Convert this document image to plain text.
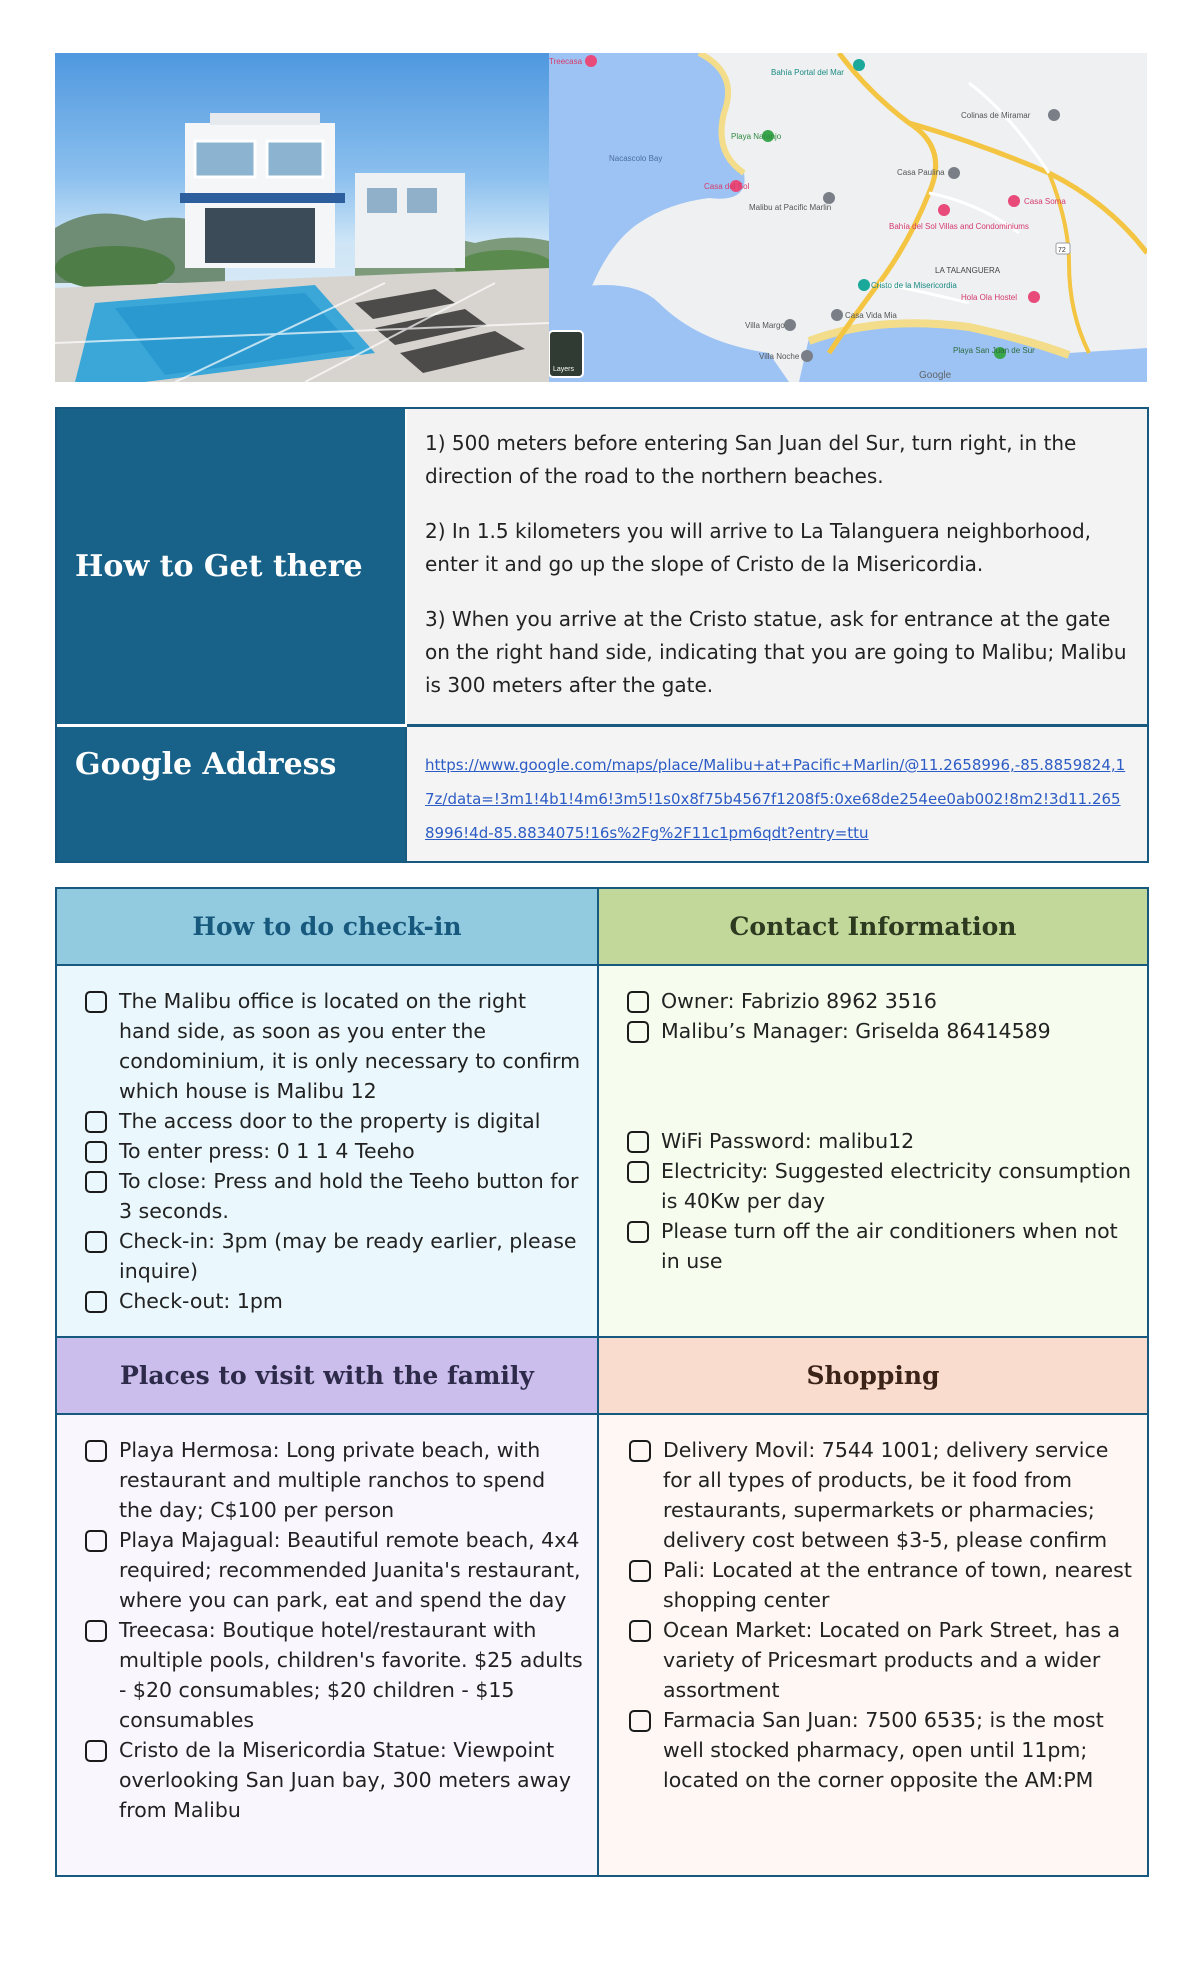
Treecasa
Bahía Portal del Mar
Colinas de Miramar
Playa Naranjo
Nacascolo Bay
Casa del Sol
Casa Paulina
Malibu at Pacific Marlin
Casa Soma
Bahía del Sol Villas and Condominiums
LA TALANGUERA
Cristo de la Misericordia
Hola Ola Hostel
Casa Vida Mia
Villa Margo
Villa Noche
Playa San Juan de Sur
Google
72
Layers
How to Get there

1) 500 meters before entering San Juan del Sur, turn right, in the direction of the road to the northern beaches.

2) In 1.5 kilometers you will arrive to La Talanguera neighborhood, enter it and go up the slope of Cristo de la Misericordia.

3) When you arrive at the Cristo statue, ask for entrance at the gate on the right hand side, indicating that you are going to Malibu; Malibu is 300 meters after the gate.

Google Address	https://www.google.com/maps/place/Malibu+at+Pacific+Marlin/@11.2658996,-85.8859824,17z/data=!3m1!4b1!4m6!3m5!1s0x8f75b4567f1208f5:0xe68de254ee0ab002!8m2!3d11.2658996!4d-85.8834075!16s%2Fg%2F11c1pm6qdt?entry=ttu
How to do check-in	Contact Information
The Malibu office is located on the right hand side, as soon as you enter the condominium, it is only necessary to confirm which house is Malibu 12
The access door to the property is digital
To enter press: 0 1 1 4 Teeho
To close: Press and hold the Teeho button for 3 seconds.
Check-in: 3pm (may be ready earlier, please inquire)
Check-out: 1pm
Owner: Fabrizio 8962 3516
Malibu’s Manager: Griselda 86414589
WiFi Password: malibu12
Electricity: Suggested electricity consumption is 40Kw per day
Please turn off the air conditioners when not in use
Places to visit with the family	Shopping
Playa Hermosa: Long private beach, with restaurant and multiple ranchos to spend the day; C$100 per person
Playa Majagual: Beautiful remote beach, 4x4 required; recommended Juanita's restaurant, where you can park, eat and spend the day
Treecasa: Boutique hotel/restaurant with multiple pools, children's favorite. $25 adults - $20 consumables; $20 children - $15 consumables
Cristo de la Misericordia Statue: Viewpoint overlooking San Juan bay, 300 meters away from Malibu
Delivery Movil: 7544 1001; delivery service for all types of products, be it food from restaurants, supermarkets or pharmacies; delivery cost between $3-5, please confirm
Pali: Located at the entrance of town, nearest shopping center
Ocean Market: Located on Park Street, has a variety of Pricesmart products and a wider assortment
Farmacia San Juan: 7500 6535; is the most well stocked pharmacy, open until 11pm; located on the corner opposite the AM:PM
